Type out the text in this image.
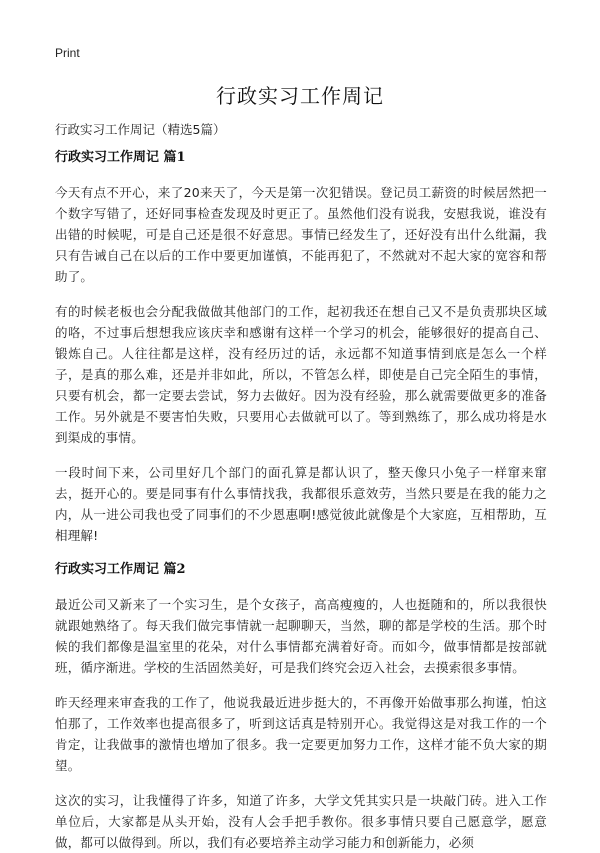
Print
行政实习工作周记

行政实习工作周记（精选5篇）

行政实习工作周记 篇1

今天有点不开心，来了20来天了，今天是第一次犯错误。登记员工薪资的时候居然把一个数字写错了，还好同事检查发现及时更正了。虽然他们没有说我，安慰我说，谁没有出错的时候呢，可是自己还是很不好意思。事情已经发生了，还好没有出什么纰漏，我只有告诫自己在以后的工作中要更加谨慎，不能再犯了，不然就对不起大家的宽容和帮助了。

有的时候老板也会分配我做做其他部门的工作，起初我还在想自己又不是负责那块区域的咯，不过事后想想我应该庆幸和感谢有这样一个学习的机会，能够很好的提高自己、锻炼自己。人往往都是这样，没有经历过的话，永远都不知道事情到底是怎么一个样子，是真的那么难，还是并非如此，所以，不管怎么样，即使是自己完全陌生的事情，只要有机会，都一定要去尝试，努力去做好。因为没有经验，那么就需要做更多的准备工作。另外就是不要害怕失败，只要用心去做就可以了。等到熟练了，那么成功将是水到渠成的事情。

一段时间下来，公司里好几个部门的面孔算是都认识了，整天像只小兔子一样窜来窜去，挺开心的。要是同事有什么事情找我，我都很乐意效劳，当然只要是在我的能力之内，从一进公司我也受了同事们的不少恩惠啊!感觉彼此就像是个大家庭，互相帮助，互相理解!

行政实习工作周记 篇2

最近公司又新来了一个实习生，是个女孩子，高高瘦瘦的，人也挺随和的，所以我很快就跟她熟络了。每天我们做完事情就一起聊聊天，当然，聊的都是学校的生活。那个时候的我们都像是温室里的花朵，对什么事情都充满着好奇。而如今，做事情都是按部就班，循序渐进。学校的生活固然美好，可是我们终究会迈入社会，去摸索很多事情。

昨天经理来审查我的工作了，他说我最近进步挺大的，不再像开始做事那么拘谨，怕这怕那了，工作效率也提高很多了，听到这话真是特别开心。我觉得这是对我工作的一个肯定，让我做事的激情也增加了很多。我一定要更加努力工作，这样才能不负大家的期望。

这次的实习，让我懂得了许多，知道了许多，大学文凭其实只是一块敲门砖。进入工作单位后，大家都是从头开始，没有人会手把手教你。很多事情只要自己愿意学，愿意做，都可以做得到。所以，我们有必要培养主动学习能力和创新能力，必须
